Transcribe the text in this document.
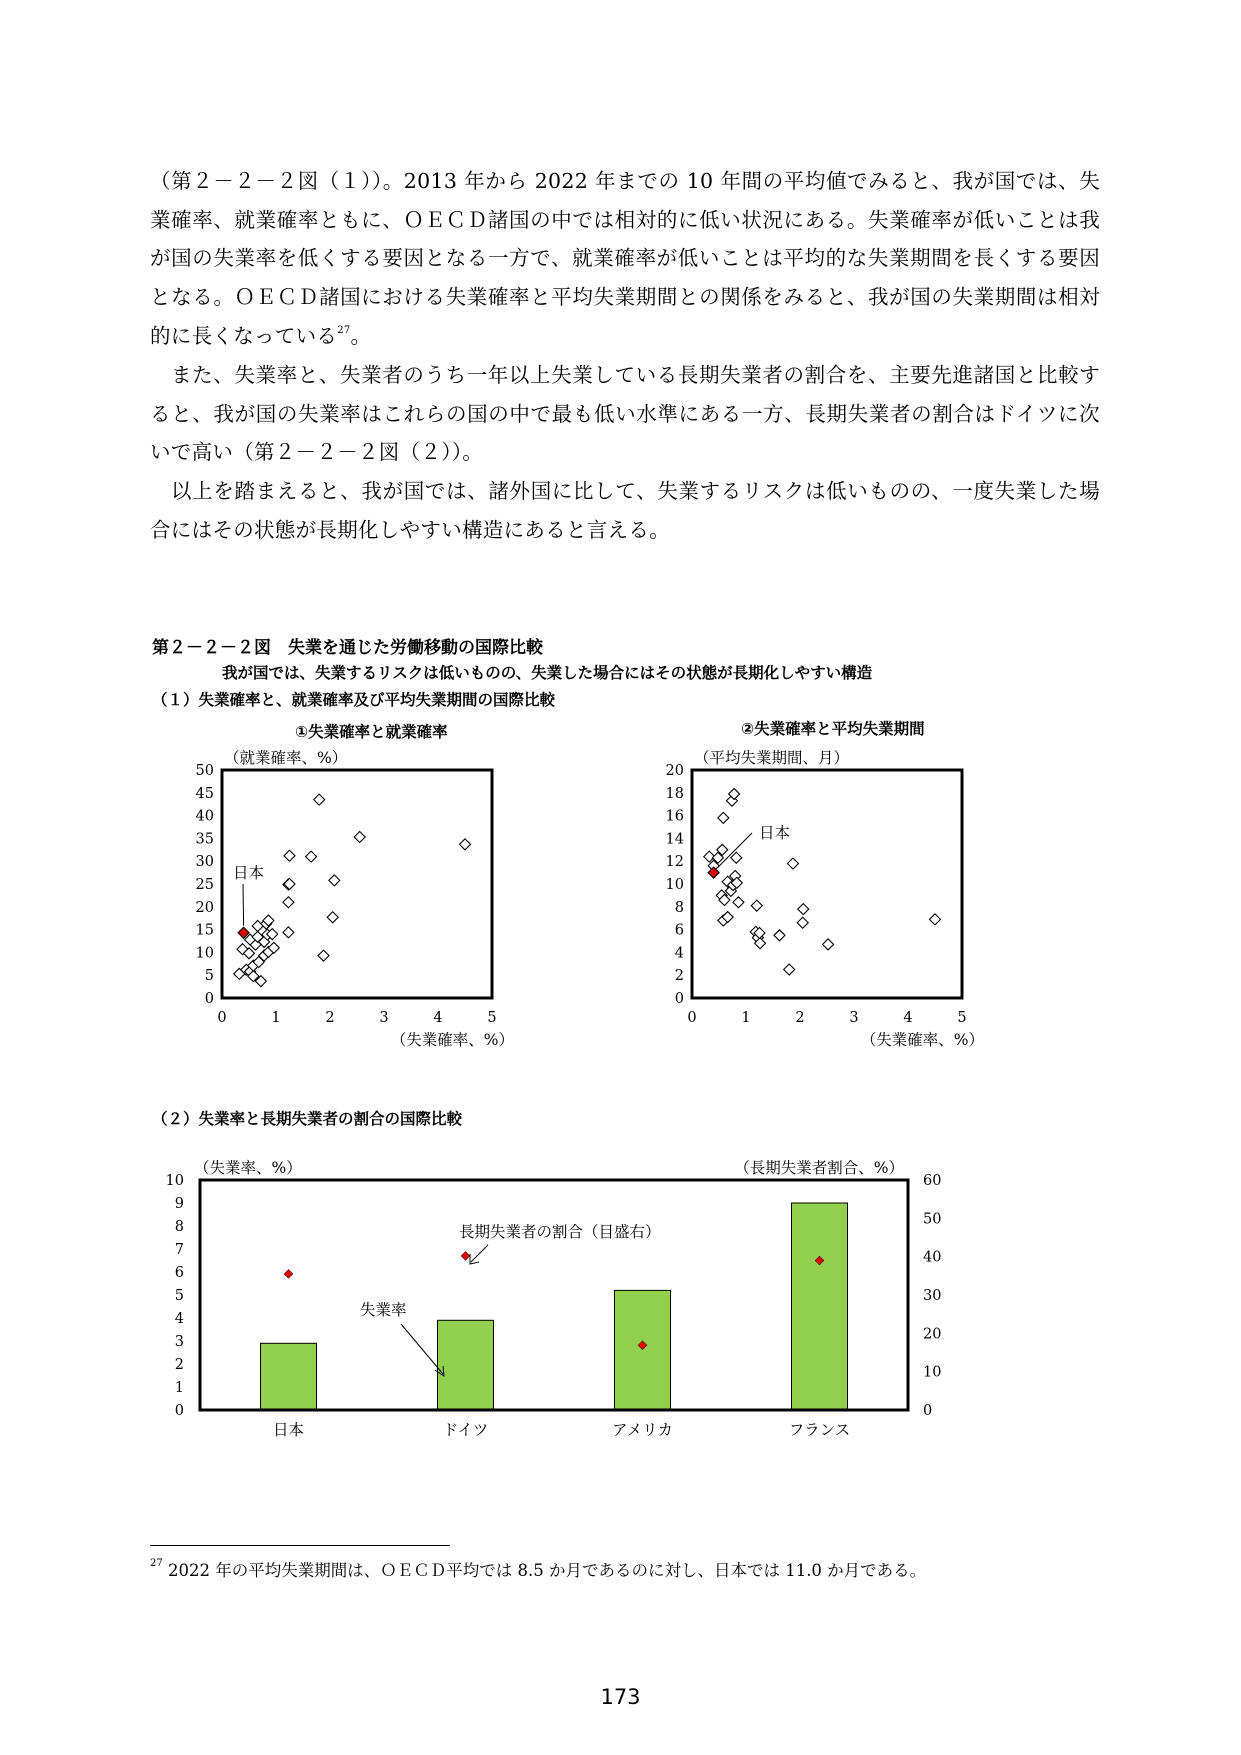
（第２－２－２図（１））。2013 年から 2022 年までの 10 年間の平均値でみると、我が国では、失業確率、就業確率ともに、ＯＥＣＤ諸国の中では相対的に低い状況にある。失業確率が低いことは我が国の失業率を低くする要因となる一方で、就業確率が低いことは平均的な失業期間を長くする要因となる。ＯＥＣＤ諸国における失業確率と平均失業期間との関係をみると、我が国の失業期間は相対的に長くなっている$^{27}$。

また、失業率と、失業者のうち一年以上失業している長期失業者の割合を、主要先進諸国と比較すると、我が国の失業率はこれらの国の中で最も低い水準にある一方、長期失業者の割合はドイツに次いで高い（第２－２－２図（２））。

以上を踏まえると、我が国では、諸外国に比して、失業するリスクは低いものの、一度失業した場合にはその状態が長期化しやすい構造にあると言える。

第２－２－２図　失業を通じた労働移動の国際比較
我が国では、失業するリスクは低いものの、失業した場合にはその状態が長期化しやすい構造
（１）失業確率と、就業確率及び平均失業期間の国際比較
①失業確率と就業確率	②失業確率と平均失業期間
（２）失業率と長期失業者の割合の国際比較
（就業確率、%）
0
5
10
15
20
25
30
35
40
45
50
0	1	2	3	4	5
（失業確率、%）
日本
（平均失業期間、月）
0
2
4
6
8
10
12
14
16
18
20
0	1	2	3	4	5
（失業確率、%）
日本
（失業率、%）	（長期失業者割合、%）
0
1
2
3
4
5
6
7
8
9
10
0
10
20
30
40
50
60
日本	ドイツ	アメリカ	フランス
長期失業者の割合（目盛右）
失業率
$^{27}$ 2022 年の平均失業期間は、ＯＥＣＤ平均では 8.5 か月であるのに対し、日本では 11.0 か月である。
173
